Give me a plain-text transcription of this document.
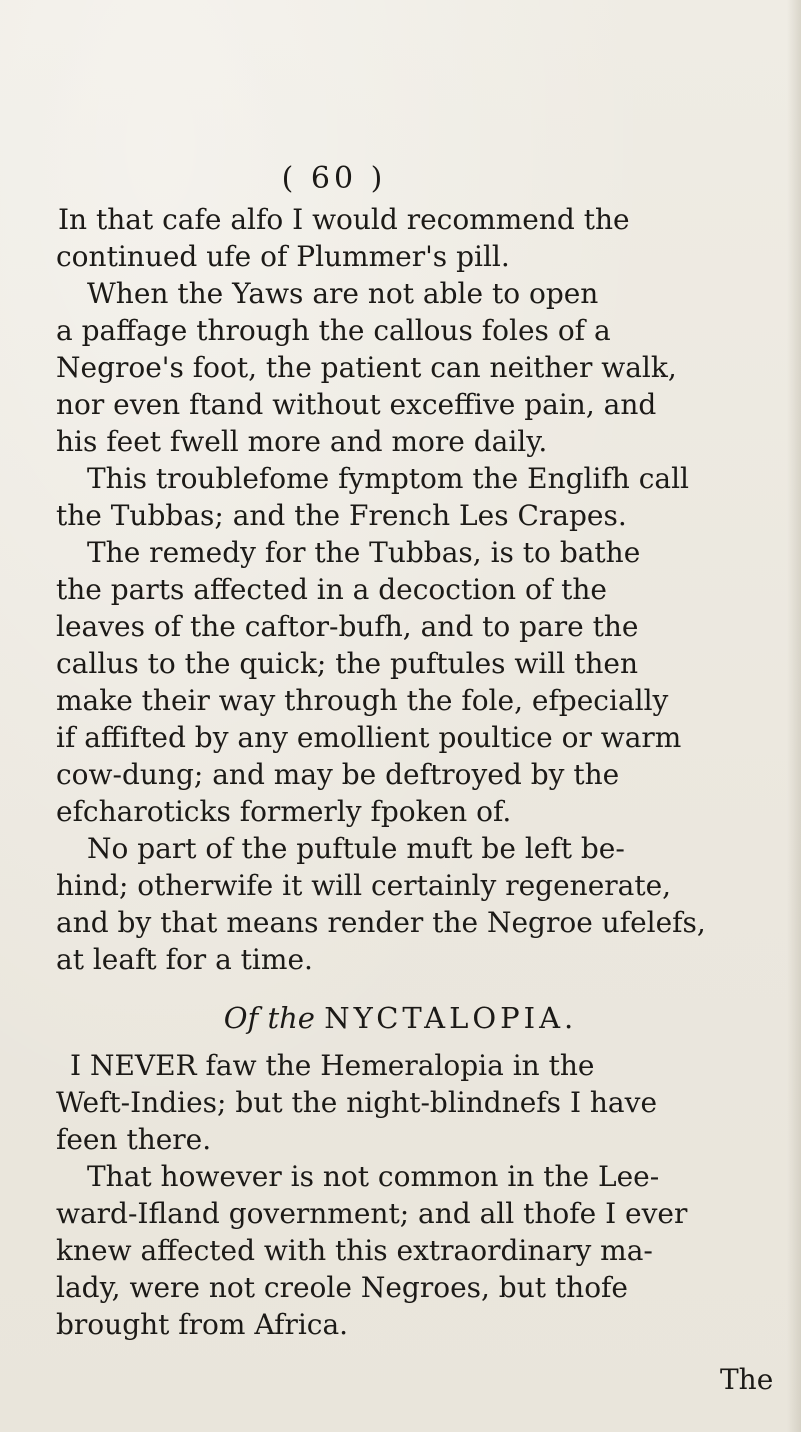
( 60 )
In that cafe alfo I would recommend the
continued ufe of Plummer's pill.
When the Yaws are not able to open
a paffage through the callous foles of a
Negroe's foot, the patient can neither walk,
nor even ftand without exceffive pain, and
his feet fwell more and more daily.
This troublefome fymptom the Englifh call
the Tubbas; and the French Les Crapes.
The remedy for the Tubbas, is to bathe
the parts affected in a decoction of the
leaves of the caftor-bufh, and to pare the
callus to the quick; the puftules will then
make their way through the fole, efpecially
if affifted by any emollient poultice or warm
cow-dung; and may be deftroyed by the
efcharoticks formerly fpoken of.
No part of the puftule muft be left be-
hind; otherwife it will certainly regenerate,
and by that means render the Negroe ufelefs,
at leaft for a time.
Of the NYCTALOPIA.
I NEVER faw the Hemeralopia in the
Weft-Indies; but the night-blindnefs I have
feen there.
That however is not common in the Lee-
ward-Ifland government; and all thofe I ever
knew affected with this extraordinary ma-
lady, were not creole Negroes, but thofe
brought from Africa.
The
